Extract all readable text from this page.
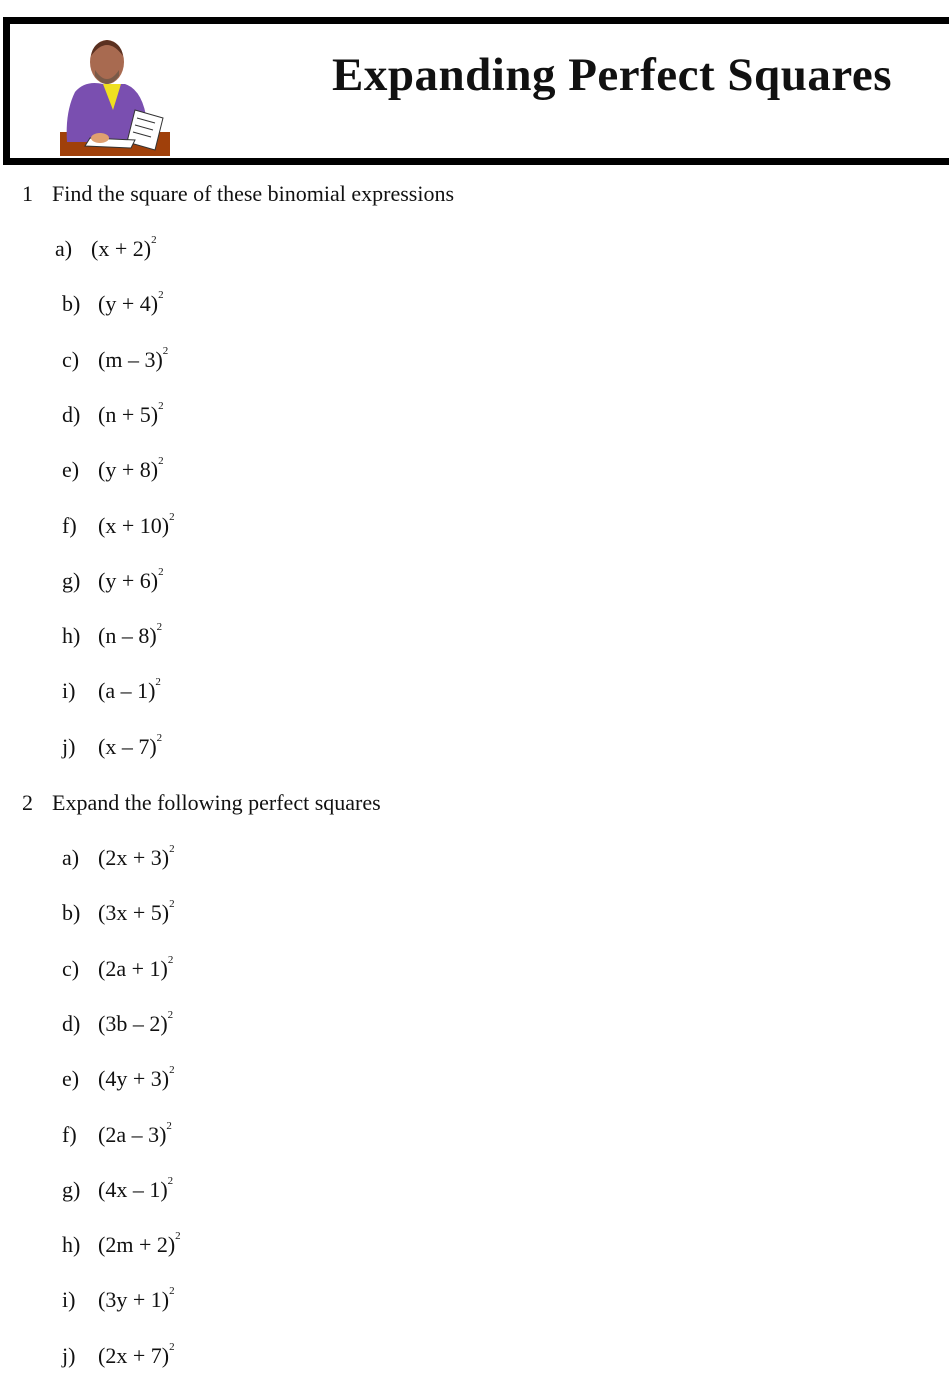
Expanding Perfect Squares
1 Find the square of these binomial expressions
a) $(x + 2)^2$
b) $(y + 4)^2$
c) (m – 3)$^2$
d) $(n + 5)^2$
e) $(y + 8)^2$
f) $(x + 10)^2$
g) $(y + 6)^2$
h) (n – 8)$^2$
i) (a – 1)$^2$
j) (x – 7)$^2$
2 Expand the following perfect squares
a) $(2x + 3)^2$
b) $(3x + 5)^2$
c) $(2a + 1)^2$
d) (3b – 2)$^2$
e) $(4y + 3)^2$
f) (2a – 3)$^2$
g) (4x – 1)$^2$
h) $(2m + 2)^2$
i) $(3y + 1)^2$
j) $(2x + 7)^2$
